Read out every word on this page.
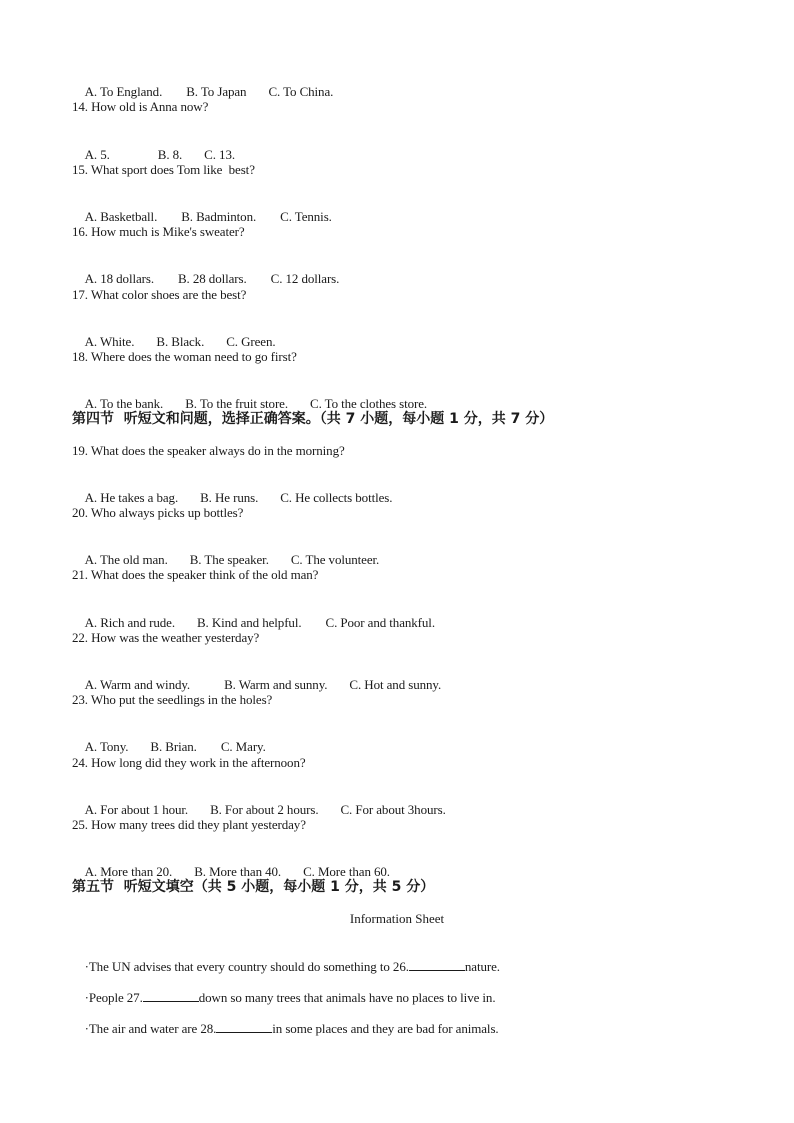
A. To England. B. To Japan C. To China.

14. How old is Anna now?

A. 5.	B. 8. C. 13.

15. What sport does Tom like  best?

A. Basketball. B. Badminton. C. Tennis.

16. How much is Mike's sweater?

A. 18 dollars. B. 28 dollars. C. 12 dollars.

17. What color shoes are the best?

A. White. B. Black. C. Green.

18. Where does the woman need to go first?

A. To the bank. B. To the fruit store. C. To the clothes store.

第四节  听短文和问题，选择正确答案。（共 7 小题，每小题 1 分，共 7 分）
19. What does the speaker always do in the morning?

A. He takes a bag. B. He runs. C. He collects bottles.

20. Who always picks up bottles?

A. The old man. B. The speaker. C. The volunteer.

21. What does the speaker think of the old man?

A. Rich and rude. B. Kind and helpful. C. Poor and thankful.

22. How was the weather yesterday?

A. Warm and windy.	B. Warm and sunny. C. Hot and sunny.

23. Who put the seedlings in the holes?

A. Tony. B. Brian. C. Mary.

24. How long did they work in the afternoon?

A. For about 1 hour. B. For about 2 hours. C. For about 3hours.

25. How many trees did they plant yesterday?

A. More than 20. B. More than 40. C. More than 60.

第五节  听短文填空（共 5 小题，每小题 1 分，共 5 分）
Information Sheet

·The UN advises that every country should do something to 26.	nature.

·People 27.	down so many trees that animals have no places to live in.

·The air and water are 28.	in some places and they are bad for animals.
